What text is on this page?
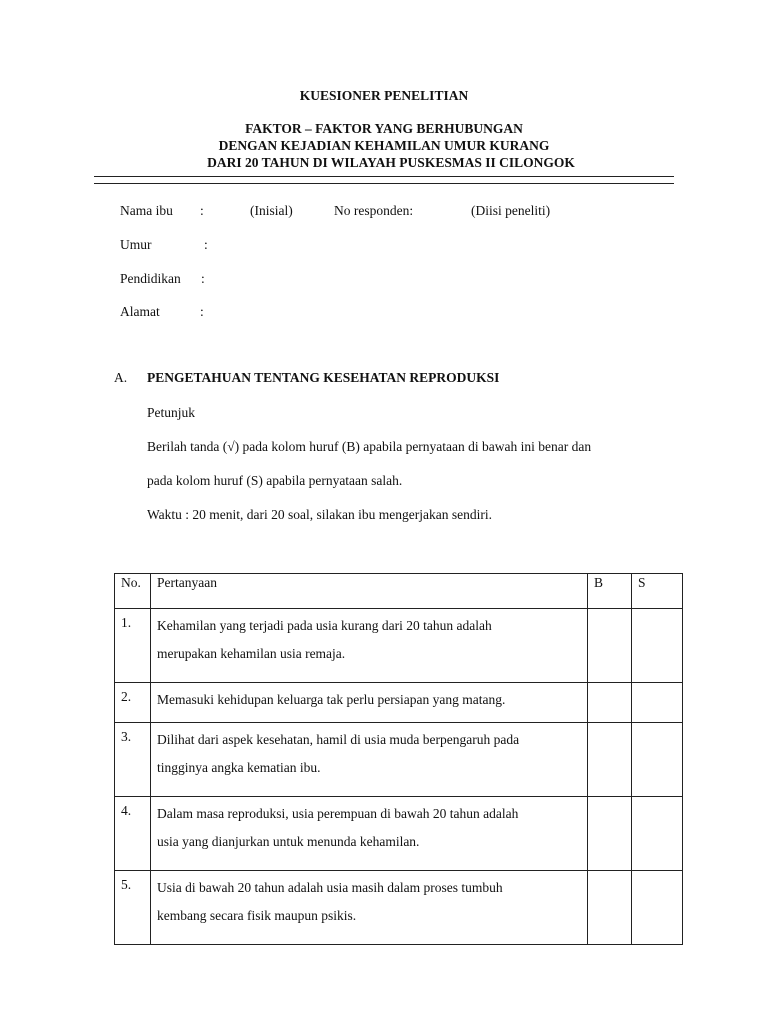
KUESIONER PENELITIAN
FAKTOR – FAKTOR YANG BERHUBUNGAN
DENGAN KEJADIAN KEHAMILAN UMUR KURANG
DARI 20 TAHUN DI WILAYAH PUSKESMAS II CILONGOK
Nama ibu :	(Inisial)	No responden:	(Diisi peneliti)
Umur	:
Pendidikan :
Alamat	:
A. PENGETAHUAN TENTANG KESEHATAN REPRODUKSI
Petunjuk
Berilah tanda (√) pada kolom huruf (B) apabila pernyataan di bawah ini benar dan
pada kolom huruf (S) apabila pernyataan salah.
Waktu : 20 menit, dari 20 soal, silakan ibu mengerjakan sendiri.
No.	Pertanyaan	B	S
1.	Kehamilan yang terjadi pada usia kurang dari 20 tahun adalah
merupakan kehamilan usia remaja.		

2.	Memasuki kehidupan keluarga tak perlu persiapan yang matang.		

3.	Dilihat dari aspek kesehatan, hamil di usia muda berpengaruh pada
tingginya angka kematian ibu.		

4.	Dalam masa reproduksi, usia perempuan di bawah 20 tahun adalah
usia yang dianjurkan untuk menunda kehamilan.		

5.	Usia di bawah 20 tahun adalah usia masih dalam proses tumbuh
kembang secara fisik maupun psikis.		
